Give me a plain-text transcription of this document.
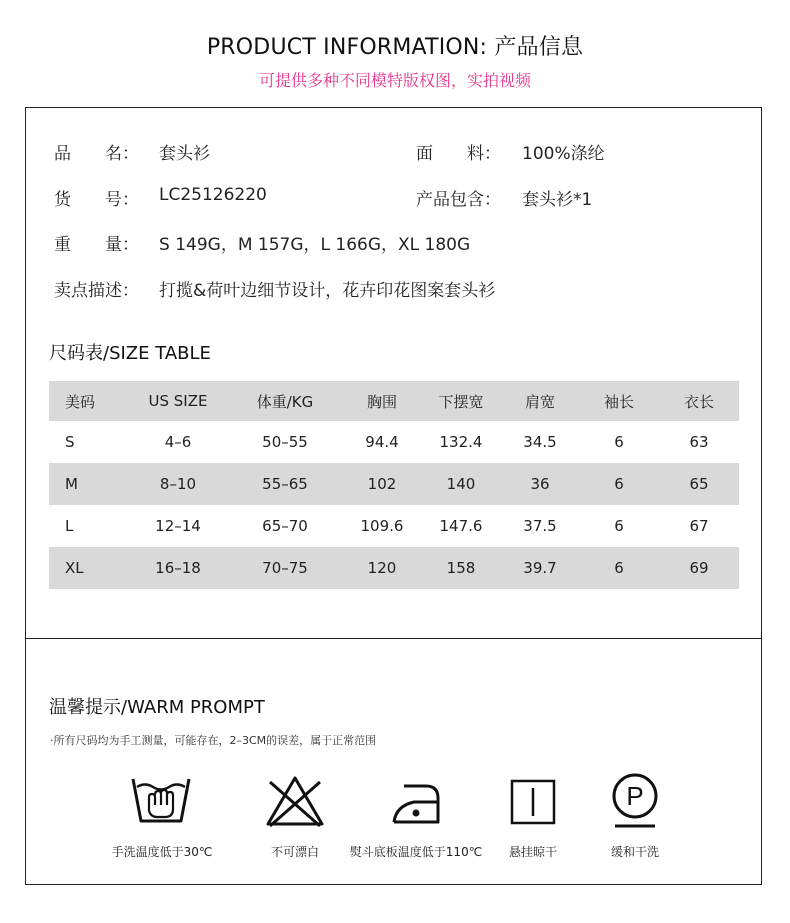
PRODUCT INFORMATION: 产品信息
可提供多种不同模特版权图，实拍视频
品　　名： 套头衫	面　　料： 100%涤纶
货　　号： LC25126220	产品包含： 套头衫*1
重　　量： S 149G，M 157G，L 166G，XL 180G
卖点描述： 打揽&荷叶边细节设计，花卉印花图案套头衫
尺码表/SIZE TABLE
美码	US SIZE	体重/KG	胸围	下摆宽	肩宽	袖长	衣长
S	4–6	50–55	94.4	132.4	34.5	6	63
M	8–10	55–65	102	140	36	6	65
L	12–14	65–70	109.6	147.6	37.5	6	67
XL	16–18	70–75	120	158	39.7	6	69
温馨提示/WARM PROMPT
·所有尺码均为手工测量，可能存在，2–3CM的误差，属于正常范围
手洗温度低于30℃	不可漂白	熨斗底板温度低于110℃	悬挂晾干
P
缓和干洗
